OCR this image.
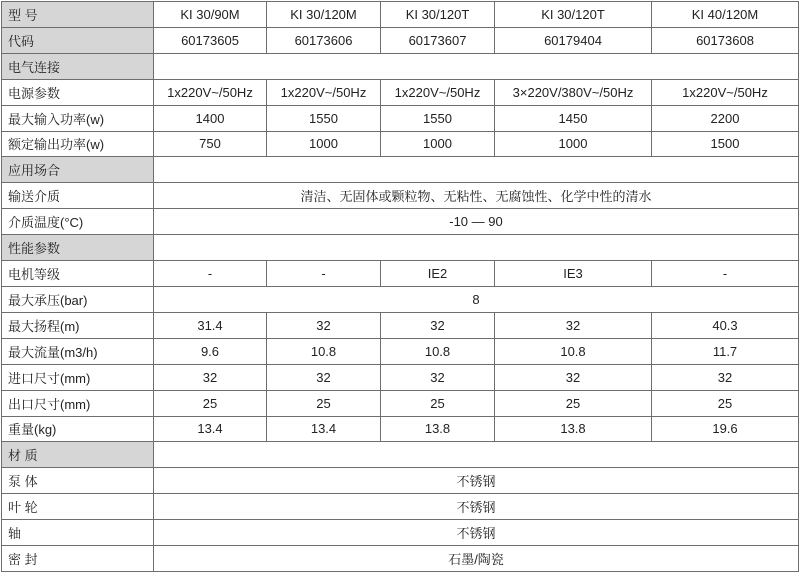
型 号	KI 30/90M	KI 30/120M	KI 30/120T	KI 30/120T	KI 40/120M
代码	60173605	60173606	60173607	60179404	60173608
电气连接					
电源参数	1x220V~/50Hz	1x220V~/50Hz	1x220V~/50Hz	3×220V/380V~/50Hz	1x220V~/50Hz
最大输入功率(w)	1400	1550	1550	1450	2200
额定输出功率(w)	750	1000	1000	1000	1500
应用场合					
输送介质	清洁、无固体或颗粒物、无粘性、无腐蚀性、化学中性的清水				
介质温度(°C)	-10 — 90				
性能参数					
电机等级	-	-	IE2	IE3	-
最大承压(bar)	8				
最大扬程(m)	31.4	32	32	32	40.3
最大流量(m3/h)	9.6	10.8	10.8	10.8	11.7
进口尺寸(mm)	32	32	32	32	32
出口尺寸(mm)	25	25	25	25	25
重量(kg)	13.4	13.4	13.8	13.8	19.6
材 质					
泵 体	不锈钢				
叶 轮	不锈钢				
轴	不锈钢				
密 封	石墨/陶瓷				
